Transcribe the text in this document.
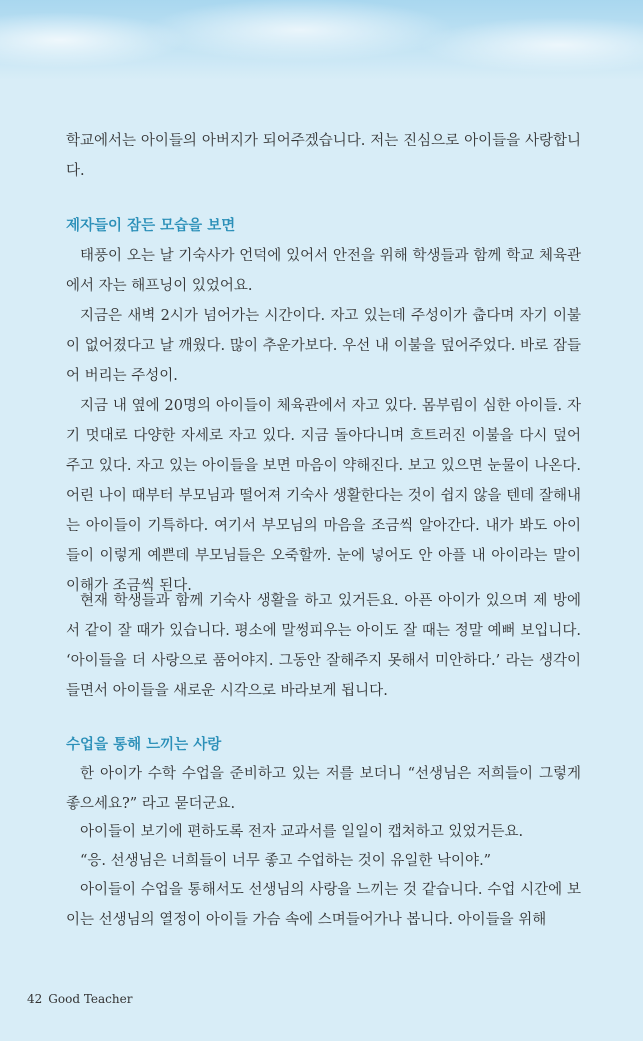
학교에서는 아이들의 아버지가 되어주겠습니다. 저는 진심으로 아이들을 사랑합니다.

제자들이 잠든 모습을 보면

태풍이 오는 날 기숙사가 언덕에 있어서 안전을 위해 학생들과 함께 학교 체육관에서 자는 해프닝이 있었어요.

지금은 새벽 2시가 넘어가는 시간이다. 자고 있는데 주성이가 춥다며 자기 이불이 없어졌다고 날 깨웠다. 많이 추운가보다. 우선 내 이불을 덮어주었다. 바로 잠들어 버리는 주성이.

지금 내 옆에 20명의 아이들이 체육관에서 자고 있다. 몸부림이 심한 아이들. 자기 멋대로 다양한 자세로 자고 있다. 지금 돌아다니며 흐트러진 이불을 다시 덮어주고 있다. 자고 있는 아이들을 보면 마음이 약해진다. 보고 있으면 눈물이 나온다. 어린 나이 때부터 부모님과 떨어져 기숙사 생활한다는 것이 쉽지 않을 텐데 잘해내는 아이들이 기특하다. 여기서 부모님의 마음을 조금씩 알아간다. 내가 봐도 아이들이 이렇게 예쁜데 부모님들은 오죽할까. 눈에 넣어도 안 아플 내 아이라는 말이 이해가 조금씩 된다.

현재 학생들과 함께 기숙사 생활을 하고 있거든요. 아픈 아이가 있으며 제 방에서 같이 잘 때가 있습니다. 평소에 말썽피우는 아이도 잘 때는 정말 예뻐 보입니다. ‘아이들을 더 사랑으로 품어야지. 그동안 잘해주지 못해서 미안하다.’ 라는 생각이 들면서 아이들을 새로운 시각으로 바라보게 됩니다.

수업을 통해 느끼는 사랑

한 아이가 수학 수업을 준비하고 있는 저를 보더니 “선생님은 저희들이 그렇게 좋으세요?” 라고 묻더군요.

아이들이 보기에 편하도록 전자 교과서를 일일이 캡처하고 있었거든요.

“응. 선생님은 너희들이 너무 좋고 수업하는 것이 유일한 낙이야.”

아이들이 수업을 통해서도 선생님의 사랑을 느끼는 것 같습니다. 수업 시간에 보이는 선생님의 열정이 아이들 가슴 속에 스며들어가나 봅니다. 아이들을 위해

42 Good Teacher
